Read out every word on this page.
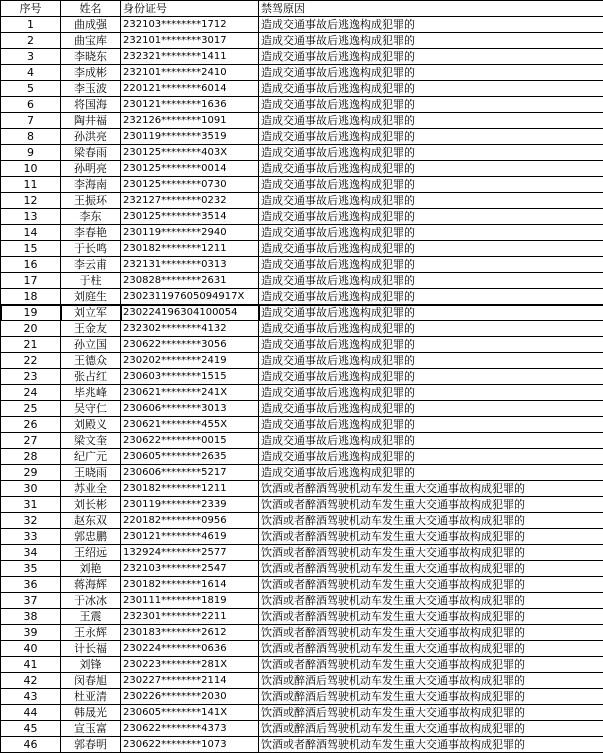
序号	姓名	身份证号	禁驾原因
1	曲成强	232103********1712	造成交通事故后逃逸构成犯罪的
2	曲宝库	232101********3017	造成交通事故后逃逸构成犯罪的
3	李晓东	232321********1411	造成交通事故后逃逸构成犯罪的
4	李成彬	232101********2410	造成交通事故后逃逸构成犯罪的
5	李玉波	220121********6014	造成交通事故后逃逸构成犯罪的
6	将国海	230121********1636	造成交通事故后逃逸构成犯罪的
7	陶井福	232126********1091	造成交通事故后逃逸构成犯罪的
8	孙洪亮	230119********3519	造成交通事故后逃逸构成犯罪的
9	梁春雨	230125********403X	造成交通事故后逃逸构成犯罪的
10	孙明亮	230125********0014	造成交通事故后逃逸构成犯罪的
11	李海南	230125********0730	造成交通事故后逃逸构成犯罪的
12	王振环	232127********0232	造成交通事故后逃逸构成犯罪的
13	李东	230125********3514	造成交通事故后逃逸构成犯罪的
14	李春艳	230119********2940	造成交通事故后逃逸构成犯罪的
15	于长鸣	230182********1211	造成交通事故后逃逸构成犯罪的
16	李云甫	232131********0313	造成交通事故后逃逸构成犯罪的
17	于柱	230828********2631	造成交通事故后逃逸构成犯罪的
18	刘庭生	230231197605094917X	造成交通事故后逃逸构成犯罪的
19	刘立军	230224196304100054	造成交通事故后逃逸构成犯罪的
20	王金友	232302********4132	造成交通事故后逃逸构成犯罪的
21	孙立国	230622********3056	造成交通事故后逃逸构成犯罪的
22	王德众	230202********2419	造成交通事故后逃逸构成犯罪的
23	张占红	230603********1515	造成交通事故后逃逸构成犯罪的
24	毕兆峰	230621********241X	造成交通事故后逃逸构成犯罪的
25	吴守仁	230606********3013	造成交通事故后逃逸构成犯罪的
26	刘殿义	230621********455X	造成交通事故后逃逸构成犯罪的
27	梁文奎	230622********0015	造成交通事故后逃逸构成犯罪的
28	纪广元	230605********2635	造成交通事故后逃逸构成犯罪的
29	王晓雨	230606********5217	造成交通事故后逃逸构成犯罪的
30	苏业全	230182********1211	饮酒或者醉酒驾驶机动车发生重大交通事故构成犯罪的
31	刘长彬	230119********2339	饮酒或者醉酒驾驶机动车发生重大交通事故构成犯罪的
32	赵东双	220182********0956	饮酒或者醉酒驾驶机动车发生重大交通事故构成犯罪的
33	郭忠鹏	230121********4619	饮酒或者醉酒驾驶机动车发生重大交通事故构成犯罪的
34	王绍远	132924********2577	饮酒或者醉酒驾驶机动车发生重大交通事故构成犯罪的
35	刘艳	232103********2547	饮酒或者醉酒驾驶机动车发生重大交通事故构成犯罪的
36	蒋海辉	230182********1614	饮酒或者醉酒驾驶机动车发生重大交通事故构成犯罪的
37	于冰冰	230111********1819	饮酒或者醉酒驾驶机动车发生重大交通事故构成犯罪的
38	王震	232301********2211	饮酒或者醉酒驾驶机动车发生重大交通事故构成犯罪的
39	王永辉	230183********2612	饮酒或者醉酒驾驶机动车发生重大交通事故构成犯罪的
40	计长福	230224********0636	饮酒或者醉酒驾驶机动车发生重大交通事故构成犯罪的
41	刘锋	230223********281X	饮酒或者醉酒驾驶机动车发生重大交通事故构成犯罪的
42	闵春旭	230227********2114	饮酒或醉酒后驾驶机动车发生重大交通事故构成犯罪的
43	杜亚清	230226********2030	饮酒或醉酒后驾驶机动车发生重大交通事故构成犯罪的
44	韩晟光	230605********141X	饮酒或醉酒后驾驶机动车发生重大交通事故构成犯罪的
45	宣玉富	230622********4373	饮酒或醉酒后驾驶机动车发生重大交通事故构成犯罪的
46	郭春明	230622********1073	饮酒或者醉酒驾驶机动车发生重大交通事故构成犯罪的
